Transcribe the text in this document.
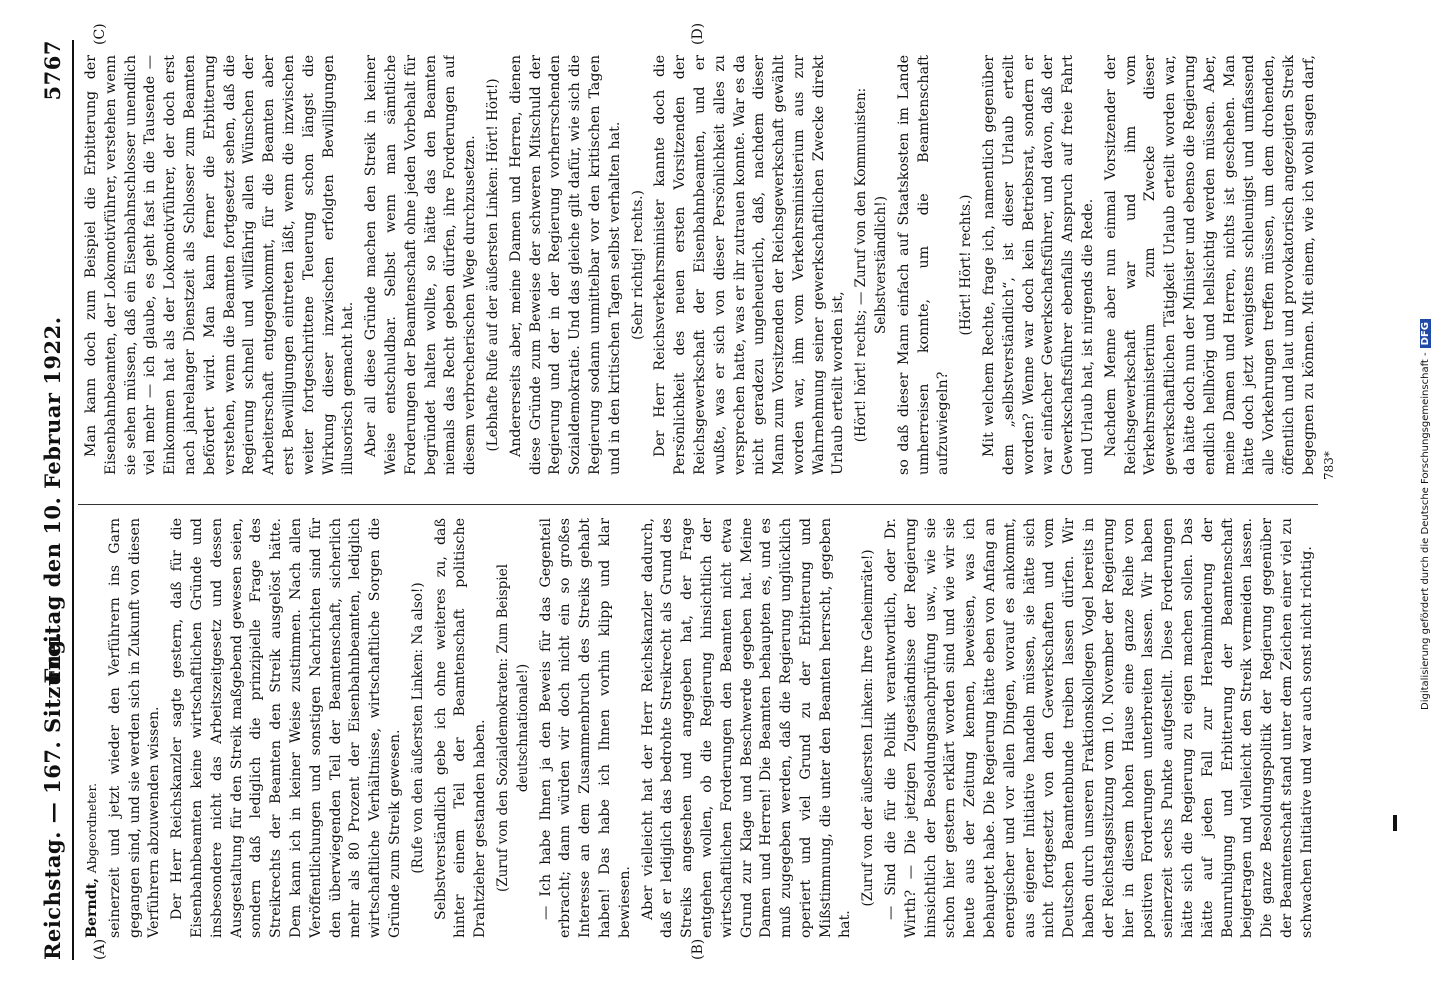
Reichstag. — 167. Sitzung.
Freitag den 10. Februar 1922.
5767
(A)	(B)
(C)	(D)

Berndt, Abgeordneter. seinerzeit und jetzt wieder den Verführern ins Garn gegangen sind, und sie werden sich in Zukunft von diesen Verführern abzuwenden wissen. Der Herr Reichskanzler sagte gestern, daß für die Eisenbahnbeamten keine wirtschaftlichen Gründe und insbesondere nicht das Arbeitszeitgesetz und dessen Ausgestaltung für den Streik maßgebend gewesen seien, sondern daß lediglich die prinzipielle Frage des Streikrechts der Beamten den Streik ausgelöst hätte. Dem kann ich in keiner Weise zustimmen. Nach allen Veröffentlichungen und sonstigen Nachrichten sind für den überwiegenden Teil der Beamtenschaft, sicherlich mehr als 80 Prozent der Eisenbahnbeamten, lediglich wirtschaftliche Verhältnisse, wirtschaftliche Sorgen die Gründe zum Streik gewesen. (Rufe von den äußersten Linken: Na also!) Selbstverständlich gebe ich ohne weiteres zu, daß hinter einem Teil der Beamtenschaft politische Drahtzieher gestanden haben. (Zuruf von den Sozialdemokraten: Zum Beispiel deutschnationale!) — Ich habe Ihnen ja den Beweis für das Gegenteil erbracht; dann würden wir doch nicht ein so großes Interesse an dem Zusammenbruch des Streiks gehabt haben! Das habe ich Ihnen vorhin klipp und klar bewiesen. Aber vielleicht hat der Herr Reichskanzler dadurch, daß er lediglich das bedrohte Streikrecht als Grund des Streiks angesehen und angegeben hat, der Frage entgehen wollen, ob die Regierung hinsichtlich der wirtschaftlichen Forderungen den Beamten nicht etwa Grund zur Klage und Beschwerde gegeben hat. Meine Damen und Herren! Die Beamten behaupten es, und es muß zugegeben werden, daß die Regierung unglücklich operiert und viel Grund zu der Erbitterung und Mißstimmung, die unter den Beamten herrscht, gegeben hat.

(Zuruf von der äußersten Linken: Ihre Geheimräte!) — Sind die für die Politik verantwortlich, oder Dr. Wirth? — Die jetzigen Zugeständnisse der Regierung hinsichtlich der Besoldungsnachprüfung usw., wie sie schon hier gestern erklärt worden sind und wie wir sie heute aus der Zeitung kennen, beweisen, was ich behauptet habe. Die Regierung hätte eben von Anfang an energischer und vor allen Dingen, worauf es ankommt, aus eigener Initiative handeln müssen, sie hätte sich nicht fortgesetzt von den Gewerkschaften und vom Deutschen Beamtenbunde treiben lassen dürfen. Wir haben durch unseren Fraktionskollegen Vogel bereits in der Reichstagssitzung vom 10. November der Regierung hier in diesem hohen Hause eine ganze Reihe von positiven Forderungen unterbreiten lassen. Wir haben seinerzeit sechs Punkte aufgestellt. Diese Forderungen hätte sich die Regierung zu eigen machen sollen. Das hätte auf jeden Fall zur Herabminderung der Beunruhigung und Erbitterung der Beamtenschaft beigetragen und vielleicht den Streik vermeiden lassen. Die ganze Besoldungspolitik der Regierung gegenüber der Beamtenschaft stand unter dem Zeichen einer viel zu schwachen Initiative und war auch sonst nicht richtig.

Man kann doch zum Beispiel die Erbitterung der Eisenbahnbeamten, der Lokomotivführer, verstehen wenn sie sehen müssen, daß ein Eisenbahnschlosser unendlich viel mehr — ich glaube, es geht fast in die Tausende — Einkommen hat als der Lokomotivführer, der doch erst nach jahrelanger Dienstzeit als Schlosser zum Beamten befördert wird. Man kann ferner die Erbitterung verstehen, wenn die Beamten fortgesetzt sehen, daß die Regierung schnell und willfährig allen Wünschen der Arbeiterschaft entgegenkommt, für die Beamten aber erst Bewilligungen eintreten läßt, wenn die inzwischen weiter fortgeschrittene Teuerung schon längst die Wirkung dieser inzwischen erfolgten Bewilligungen illusorisch gemacht hat. Aber all diese Gründe machen den Streik in keiner Weise entschuldbar. Selbst wenn man sämtliche Forderungen der Beamtenschaft ohne jeden Vorbehalt für begründet halten wollte, so hätte das den Beamten niemals das Recht geben dürfen, ihre Forderungen auf diesem verbrecherischen Wege durchzusetzen. (Lebhafte Rufe auf der äußersten Linken: Hört! Hört!) Andererseits aber, meine Damen und Herren, dienen diese Gründe zum Beweise der schweren Mitschuld der Regierung und der in der Regierung vorherrschenden Sozialdemokratie. Und das gleiche gilt dafür, wie sich die Regierung sodann unmittelbar vor den kritischen Tagen und in den kritischen Tagen selbst verhalten hat. (Sehr richtig! rechts.) Der Herr Reichsverkehrsminister kannte doch die Persönlichkeit des neuen ersten Vorsitzenden der Reichsgewerkschaft der Eisenbahnbeamten, und er wußte, was er sich von dieser Persönlichkeit alles zu versprechen hatte, was er ihr zutrauen konnte. War es da nicht geradezu ungeheuerlich, daß, nachdem dieser Mann zum Vorsitzenden der Reichsgewerkschaft gewählt worden war, ihm vom Verkehrsministerium aus zur Wahrnehmung seiner gewerkschaftlichen Zwecke direkt Urlaub erteilt worden ist, (Hört! hört! rechts; — Zuruf von den Kommunisten: Selbstverständlich!) so daß dieser Mann einfach auf Staatskosten im Lande umherreisen konnte, um die Beamtenschaft aufzuwiegeln?

(Hört! Hört! rechts.) Mit welchem Rechte, frage ich, namentlich gegenüber dem „selbstverständlich“, ist dieser Urlaub erteilt worden? Wenne war doch kein Betriebsrat, sondern er war einfacher Gewerkschaftsführer, und davon, daß der Gewerkschaftsführer ebenfalls Anspruch auf freie Fahrt und Urlaub hat, ist nirgends die Rede. Nachdem Menne aber nun einmal Vorsitzender der Reichsgewerkschaft war und ihm vom Verkehrsministerium zum Zwecke dieser gewerkschaftlichen Tätigkeit Urlaub erteilt worden war, da hätte doch nun der Minister und ebenso die Regierung endlich hellhörig und hellsichtig werden müssen. Aber, meine Damen und Herren, nichts ist geschehen. Man hätte doch jetzt wenigstens schleunigst und umfassend alle Vorkehrungen treffen müssen, um dem drohenden, öffentlich und laut und provokatorisch angezeigten Streik begegnen zu können. Mit einem, wie ich wohl sagen darf,

783*	Digitalisierung gefördert durch die Deutsche Forschungsgemeinschaft -DFG
